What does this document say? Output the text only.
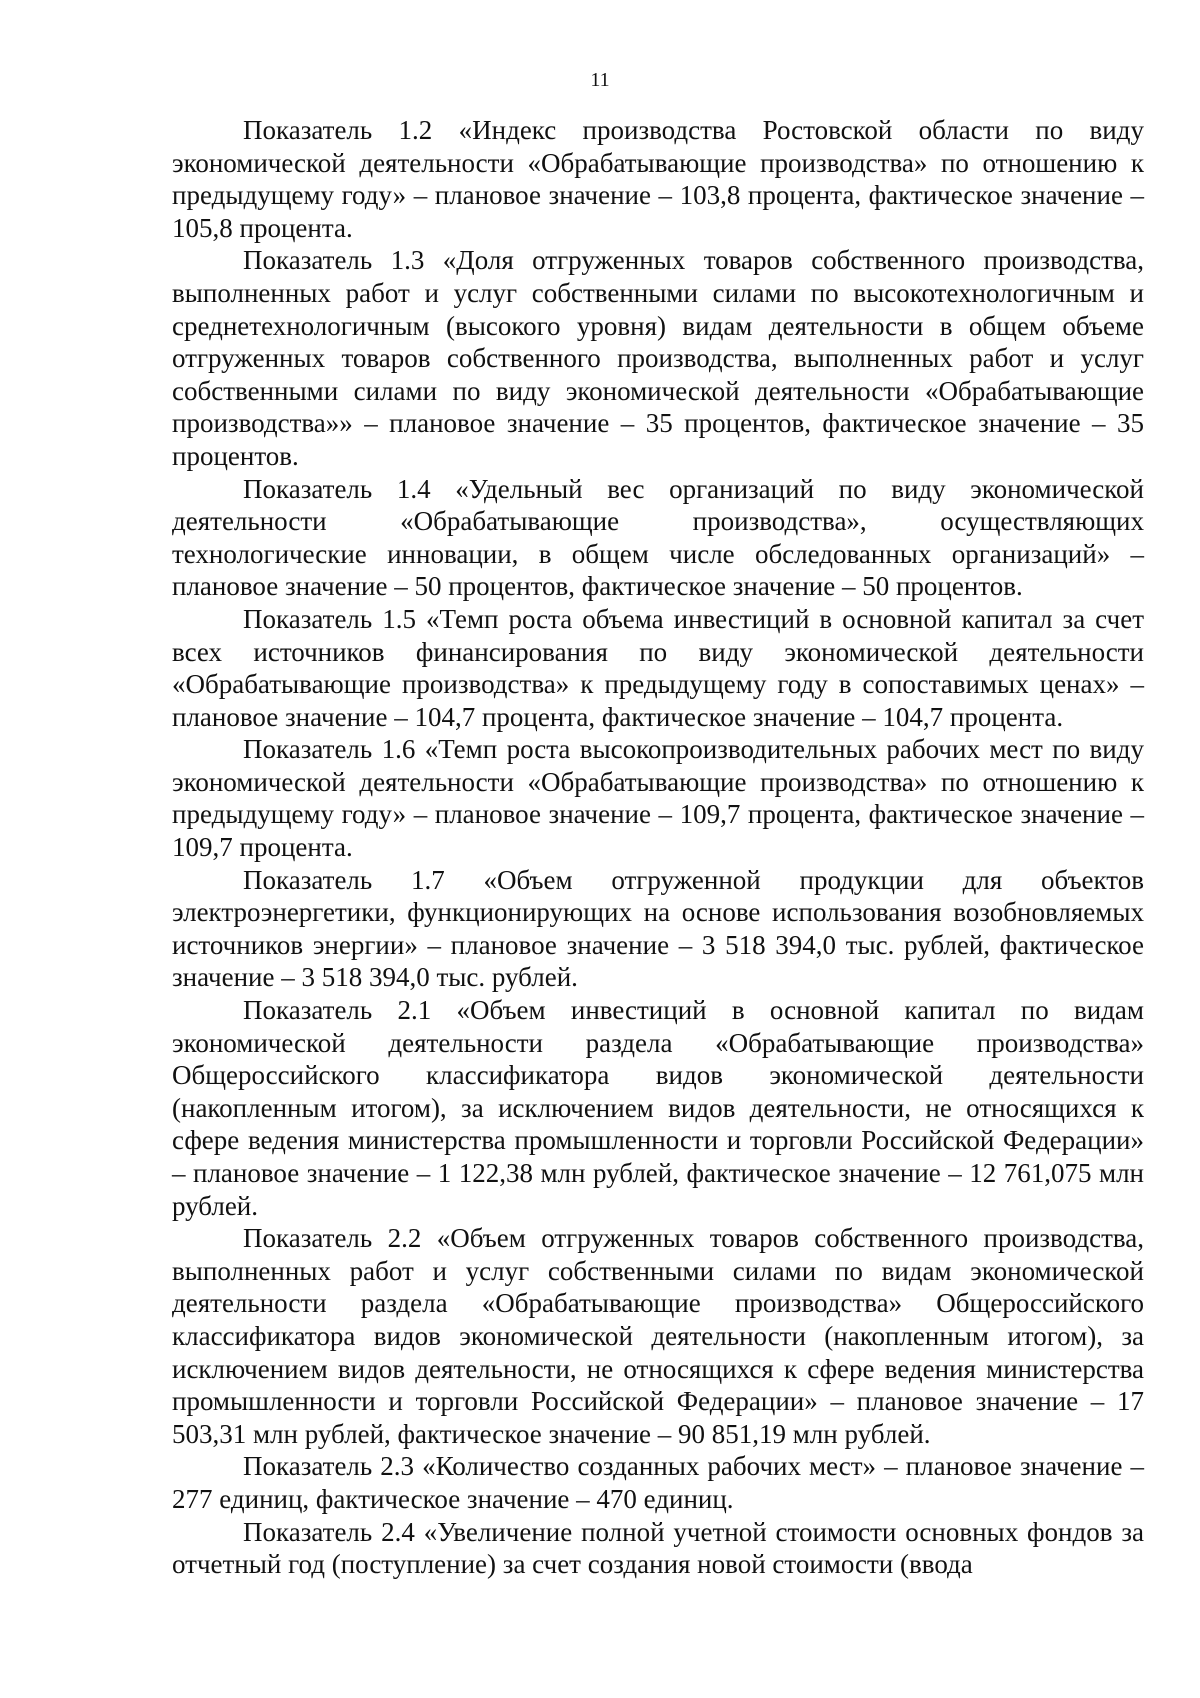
11

Показатель 1.2 «Индекс производства Ростовской области по виду экономической деятельности «Обрабатывающие производства» по отношению к предыдущему году» – плановое значение – 103,8 процента, фактическое значение – 105,8 процента.

Показатель 1.3 «Доля отгруженных товаров собственного производства, выполненных работ и услуг собственными силами по высокотехнологичным и среднетехнологичным (высокого уровня) видам деятельности в общем объеме отгруженных товаров собственного производства, выполненных работ и услуг собственными силами по виду экономической деятельности «Обрабатывающие производства»» – плановое значение – 35 процентов, фактическое значение – 35 процентов.

Показатель 1.4 «Удельный вес организаций по виду экономической деятельности «Обрабатывающие производства», осуществляющих технологические инновации, в общем числе обследованных организаций» –плановое значение – 50 процентов, фактическое значение – 50 процентов.

Показатель 1.5 «Темп роста объема инвестиций в основной капитал за счет всех источников финансирования по виду экономической деятельности «Обрабатывающие производства» к предыдущему году в сопоставимых ценах» – плановое значение – 104,7 процента, фактическое значение – 104,7 процента.

Показатель 1.6 «Темп роста высокопроизводительных рабочих мест по виду экономической деятельности «Обрабатывающие производства» по отношению к предыдущему году» – плановое значение – 109,7 процента, фактическое значение – 109,7 процента.

Показатель 1.7 «Объем отгруженной продукции для объектов электроэнергетики, функционирующих на основе использования возобновляемых источников энергии» – плановое значение – 3 518 394,0 тыс. рублей, фактическое значение – 3 518 394,0 тыс. рублей.

Показатель 2.1 «Объем инвестиций в основной капитал по видам экономической деятельности раздела «Обрабатывающие производства» Общероссийского классификатора видов экономической деятельности (накопленным итогом), за исключением видов деятельности, не относящихся к сфере ведения министерства промышленности и торговли Российской Федерации» – плановое значение – 1 122,38 млн рублей, фактическое значение – 12 761,075 млн рублей.

Показатель 2.2 «Объем отгруженных товаров собственного производства, выполненных работ и услуг собственными силами по видам экономической деятельности раздела «Обрабатывающие производства» Общероссийского классификатора видов экономической деятельности (накопленным итогом), за исключением видов деятельности, не относящихся к сфере ведения министерства промышленности и торговли Российской Федерации» – плановое значение – 17 503,31 млн рублей, фактическое значение – 90 851,19 млн рублей.

Показатель 2.3 «Количество созданных рабочих мест» – плановое значение – 277 единиц, фактическое значение – 470 единиц.

Показатель 2.4 «Увеличение полной учетной стоимости основных фондов за отчетный год (поступление) за счет создания новой стоимости (ввода
